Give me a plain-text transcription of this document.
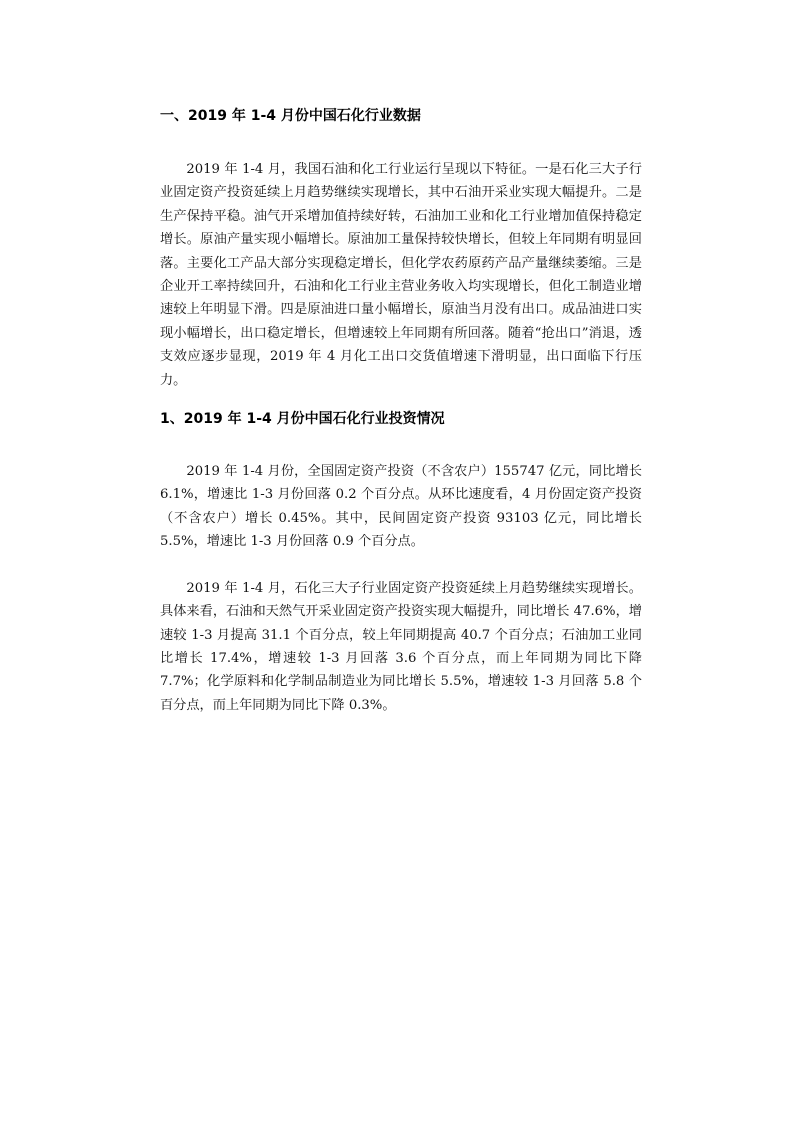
一、2019 年 1-4 月份中国石化行业数据

2019 年 1-4 月，我国石油和化工行业运行呈现以下特征。一是石化三大子行业固定资产投资延续上月趋势继续实现增长，其中石油开采业实现大幅提升。二是生产保持平稳。油气开采增加值持续好转，石油加工业和化工行业增加值保持稳定增长。原油产量实现小幅增长。原油加工量保持较快增长，但较上年同期有明显回落。主要化工产品大部分实现稳定增长，但化学农药原药产品产量继续萎缩。三是企业开工率持续回升，石油和化工行业主营业务收入均实现增长，但化工制造业增速较上年明显下滑。四是原油进口量小幅增长，原油当月没有出口。成品油进口实现小幅增长，出口稳定增长，但增速较上年同期有所回落。随着“抢出口”消退，透支效应逐步显现，2019 年 4 月化工出口交货值增速下滑明显，出口面临下行压力。

1、2019 年 1-4 月份中国石化行业投资情况

2019 年 1-4 月份，全国固定资产投资（不含农户）155747 亿元，同比增长 6.1%，增速比 1-3 月份回落 0.2 个百分点。从环比速度看，4 月份固定资产投资（不含农户）增长 0.45%。其中，民间固定资产投资 93103 亿元，同比增长 5.5%，增速比 1-3 月份回落 0.9 个百分点。

2019 年 1-4 月，石化三大子行业固定资产投资延续上月趋势继续实现增长。具体来看，石油和天然气开采业固定资产投资实现大幅提升，同比增长 47.6%，增速较 1-3 月提高 31.1 个百分点，较上年同期提高 40.7 个百分点；石油加工业同比增长 17.4%，增速较 1-3 月回落 3.6 个百分点，而上年同期为同比下降 7.7%；化学原料和化学制品制造业为同比增长 5.5%，增速较 1-3 月回落 5.8 个百分点，而上年同期为同比下降 0.3%。
